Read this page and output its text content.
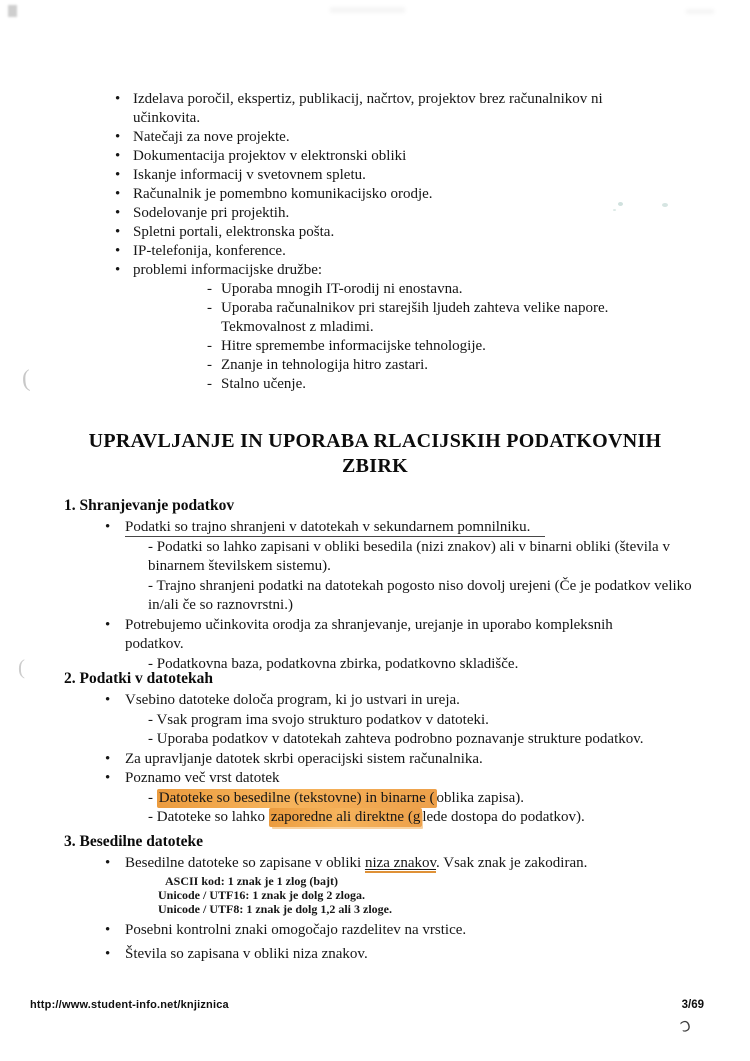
(
(
Ɔ
• Izdelava poročil, ekspertiz, publikacij, načrtov, projektov brez računalnikov ni učinkovita.
• Natečaji za nove projekte.
• Dokumentacija projektov v elektronski obliki
• Iskanje informacij v svetovnem spletu.
• Računalnik je pomembno komunikacijsko orodje.
• Sodelovanje pri projektih.
• Spletni portali, elektronska pošta.
• IP-telefonija, konference.
• problemi informacijske družbe:
- Uporaba mnogih IT-orodij ni enostavna.
- Uporaba računalnikov pri starejših ljudeh zahteva velike napore. Tekmovalnost z mladimi.
- Hitre spremembe informacijske tehnologije.
- Znanje in tehnologija hitro zastari.
- Stalno učenje.
UPRAVLJANJE IN UPORABA RLACIJSKIH PODATKOVNIH
ZBIRK
1. Shranjevanje podatkov
• Podatki so trajno shranjeni v datotekah v sekundarnem pomnilniku.
- Podatki so lahko zapisani v obliki besedila (nizi znakov) ali v binarni obliki (števila v binarnem številskem sistemu).
- Trajno shranjeni podatki na datotekah pogosto niso dovolj urejeni (Če je podatkov veliko in/ali če so raznovrstni.)
• Potrebujemo učinkovita orodja za shranjevanje, urejanje in uporabo kompleksnih podatkov.
- Podatkovna baza, podatkovna zbirka, podatkovno skladišče.
2. Podatki v datotekah
• Vsebino datoteke določa program, ki jo ustvari in ureja.
- Vsak program ima svojo strukturo podatkov v datoteki.
- Uporaba podatkov v datotekah zahteva podrobno poznavanje strukture podatkov.
• Za upravljanje datotek skrbi operacijski sistem računalnika.
• Poznamo več vrst datotek
- Datoteke so besedilne (tekstovne) in binarne ( oblika zapisa).
- Datoteke so lahko zaporedne ali direktne (g lede dostopa do podatkov).
3. Besedilne datoteke
• Besedilne datoteke so zapisane v obliki niza znakov. Vsak znak je zakodiran.
ASCII kod: 1 znak je 1 zlog (bajt)
Unicode / UTF16: 1 znak je dolg 2 zloga.
Unicode / UTF8: 1 znak je dolg 1,2 ali 3 zloge.
• Posebni kontrolni znaki omogočajo razdelitev na vrstice.
• Števila so zapisana v obliki niza znakov.
http://www.student-info.net/knjiznica	3/69
